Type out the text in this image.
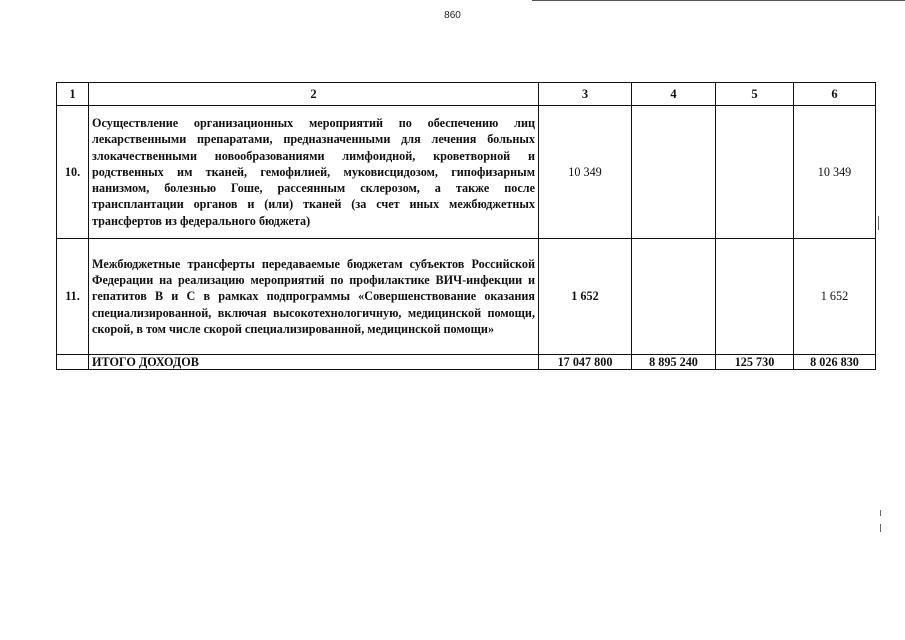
860
1	2	3	4	5	6
10.	Осуществление организационных мероприятий по обеспечению лиц лекарственными препаратами, предназначенными для лечения больных злокачественными новообразованиями лимфоидной, кроветворной и родственных им тканей, гемофилией, муковисцидозом, гипофизарным нанизмом, болезнью Гоше, рассеянным склерозом, а также после трансплантации органов и (или) тканей (за счет иных межбюджетных трансфертов из федерального бюджета)	10 349			10 349
11.	Межбюджетные трансферты передаваемые бюджетам субъектов Российской Федерации на реализацию мероприятий по профилактике ВИЧ-инфекции и гепатитов В и С в рамках подпрограммы «Совершенствование оказания специализированной, включая высокотехнологичную, медицинской помощи, скорой, в том числе скорой специализированной, медицинской помощи»	1 652			1 652
	ИТОГО ДОХОДОВ	17 047 800	8 895 240	125 730	8 026 830
